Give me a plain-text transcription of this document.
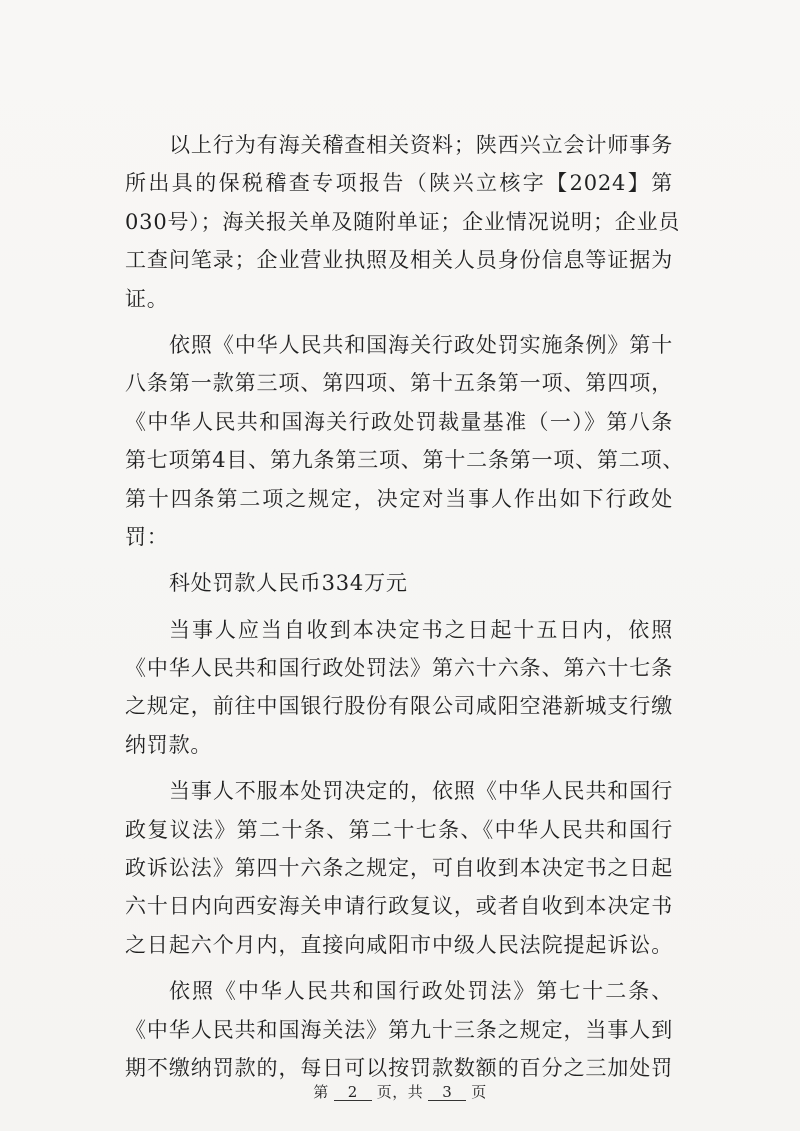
以上行为有海关稽查相关资料；陕西兴立会计师事务
所出具的保税稽查专项报告（陕兴立核字【2024】第
030号）；海关报关单及随附单证；企业情况说明；企业员
工查问笔录；企业营业执照及相关人员身份信息等证据为
证。
依照《中华人民共和国海关行政处罚实施条例》第十
八条第一款第三项、第四项、第十五条第一项、第四项，
《中华人民共和国海关行政处罚裁量基准（一）》第八条
第七项第4目、第九条第三项、第十二条第一项、第二项、
第十四条第二项之规定，决定对当事人作出如下行政处
罚：
科处罚款人民币334万元
当事人应当自收到本决定书之日起十五日内，依照
《中华人民共和国行政处罚法》第六十六条、第六十七条
之规定，前往中国银行股份有限公司咸阳空港新城支行缴
纳罚款。
当事人不服本处罚决定的，依照《中华人民共和国行
政复议法》第二十条、第二十七条、《中华人民共和国行
政诉讼法》第四十六条之规定，可自收到本决定书之日起
六十日内向西安海关申请行政复议，或者自收到本决定书
之日起六个月内，直接向咸阳市中级人民法院提起诉讼。
依照《中华人民共和国行政处罚法》第七十二条、
《中华人民共和国海关法》第九十三条之规定，当事人到
期不缴纳罚款的，每日可以按罚款数额的百分之三加处罚
第 2 页，共 3 页
